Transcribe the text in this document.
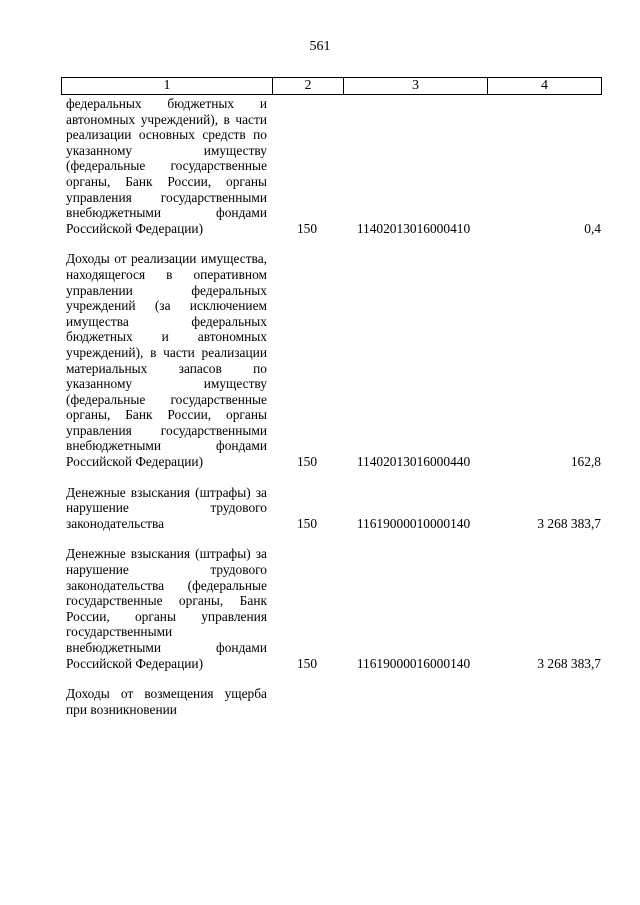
561
1	2	3	4
федеральных бюджетных и автономных учреждений), в части реализации основных средств по указанному имуществу (федеральные государственные органы, Банк России, органы управления государственными внебюджетными фондами Российской Федерации)	150	11402013016000410	0,4
Доходы от реализации имущества, находящегося в оперативном управлении федеральных учреждений (за исключением имущества федеральных бюджетных и автономных учреждений), в части реализации материальных запасов по указанному имуществу (федеральные государственные органы, Банк России, органы управления государственными внебюджетными фондами Российской Федерации)	150	11402013016000440	162,8
Денежные взыскания (штрафы) за нарушение трудового законодательства	150	11619000010000140	3 268 383,7
Денежные взыскания (штрафы) за нарушение трудового законодательства (федеральные государственные органы, Банк России, органы управления государственными внебюджетными фондами Российской Федерации)	150	11619000016000140	3 268 383,7
Доходы от возмещения ущерба при возникновении
